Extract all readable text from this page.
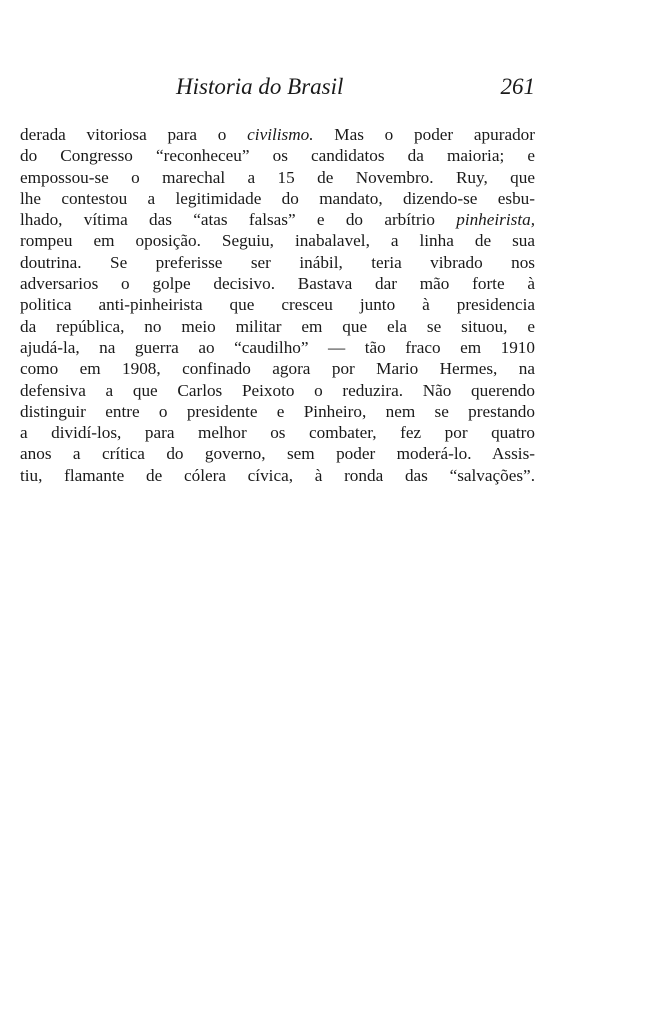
Historia do Brasil	261
derada vitoriosa para o civilismo. Mas o poder apurador
do Congresso “reconheceu” os candidatos da maioria; e
empossou-se o marechal a 15 de Novembro. Ruy, que
lhe contestou a legitimidade do mandato, dizendo-se esbu-
lhado, vítima das “atas falsas” e do arbítrio pinheirista,
rompeu em oposição. Seguiu, inabalavel, a linha de sua
doutrina. Se preferisse ser inábil, teria vibrado nos
adversarios o golpe decisivo. Bastava dar mão forte à
politica anti-pinheirista que cresceu junto à presidencia
da república, no meio militar em que ela se situou, e
ajudá-la, na guerra ao “caudilho” — tão fraco em 1910
como em 1908, confinado agora por Mario Hermes, na
defensiva a que Carlos Peixoto o reduzira. Não querendo
distinguir entre o presidente e Pinheiro, nem se prestando
a dividí-los, para melhor os combater, fez por quatro
anos a crítica do governo, sem poder moderá-lo. Assis-
tiu, flamante de cólera cívica, à ronda das “salvações”.
